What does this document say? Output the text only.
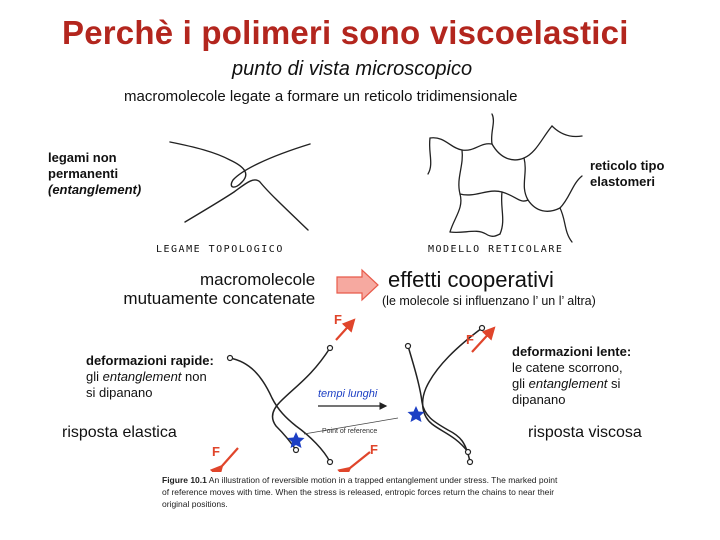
Perchè i polimeri sono viscoelastici
punto di vista microscopico
macromolecole legate a formare un reticolo tridimensionale
legami non
permanenti
(entanglement)
reticolo tipo
elastomeri
LEGAME TOPOLOGICO	MODELLO RETICOLARE
macromolecole
mutuamente concatenate
effetti cooperativi
(le molecole si influenzano l’ un l’ altra)
deformazioni rapide:
gli entanglement non
si dipanano
deformazioni lente:
le catene scorrono,
gli entanglement si
dipanano
risposta elastica	risposta viscosa
F
F
F
F
tempi lunghi
Point of reference
Figure 10.1 An illustration of reversible motion in a trapped entanglement under stress. The marked point of reference moves with time. When the stress is released, entropic forces return the chains to near their original positions.
